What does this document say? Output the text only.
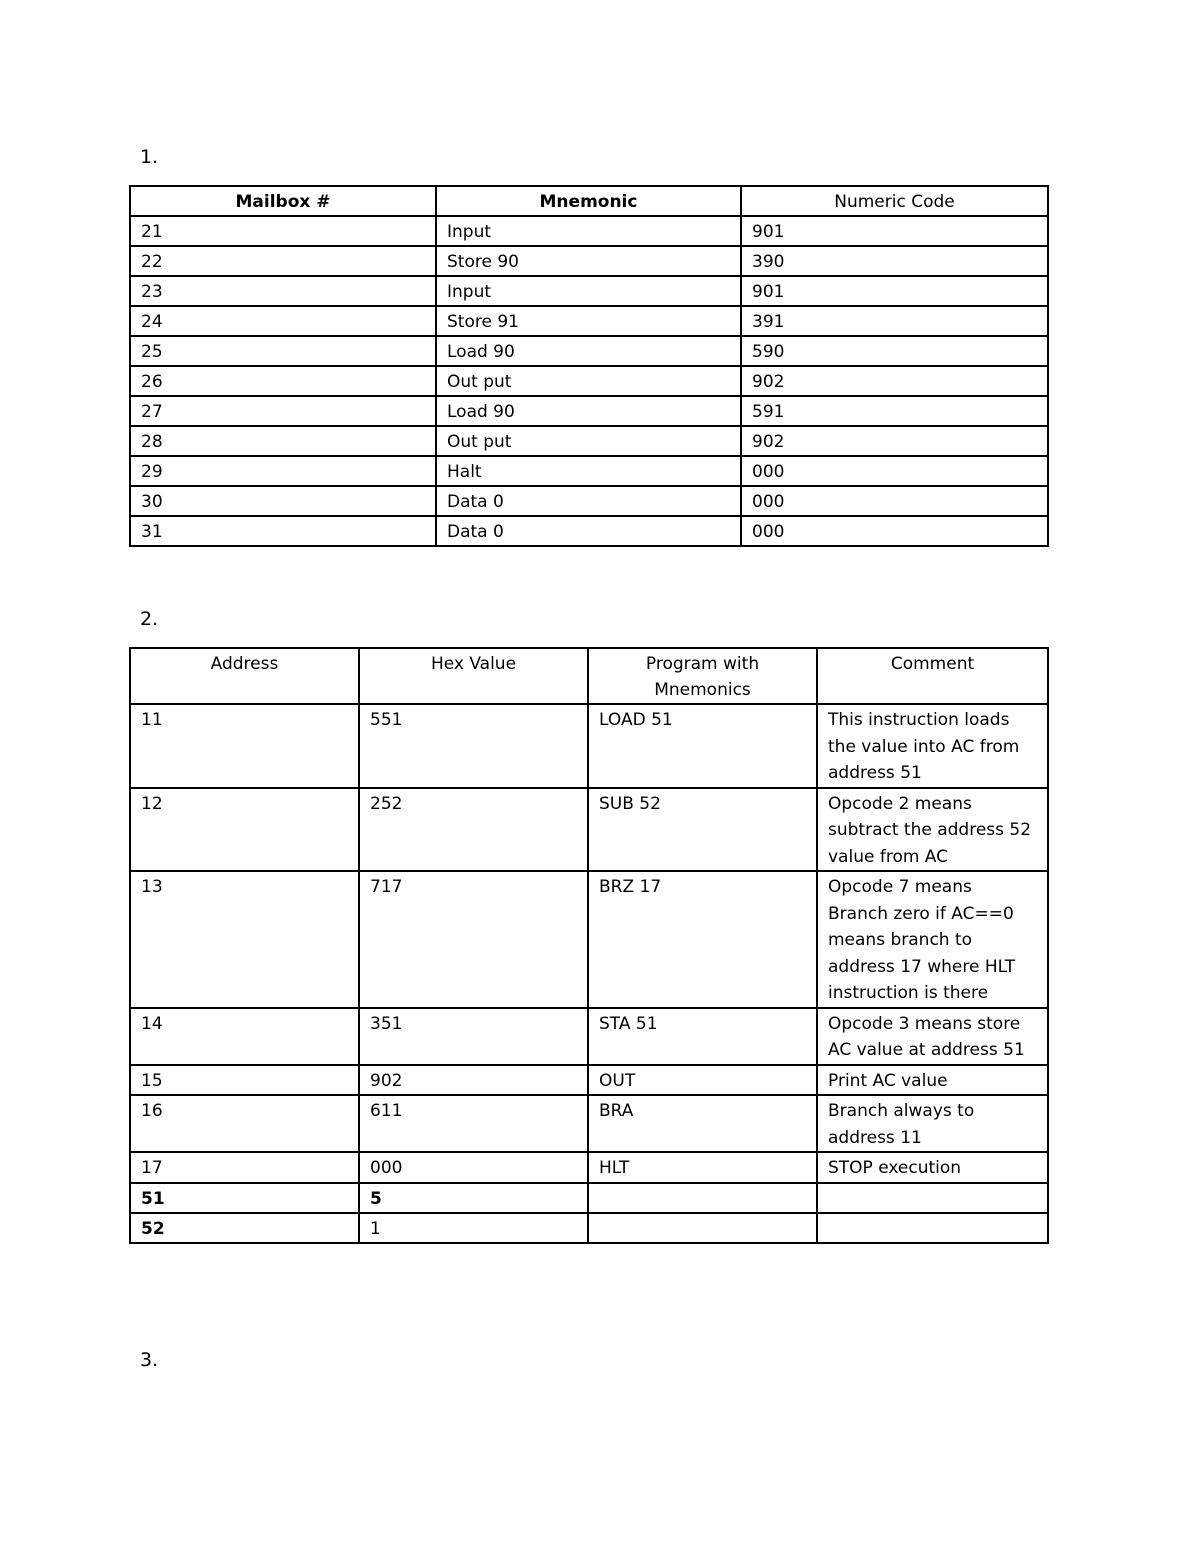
1.
Mailbox #	Mnemonic	Numeric Code
21	Input	901
22	Store 90	390
23	Input	901
24	Store 91	391
25	Load 90	590
26	Out put	902
27	Load 90	591
28	Out put	902
29	Halt	000
30	Data 0	000
31	Data 0	000
2.
Address	Hex Value	Program with Mnemonics	Comment
11	551	LOAD 51	This instruction loads the value into AC from address 51
12	252	SUB 52	Opcode 2 means subtract the address 52 value from AC
13	717	BRZ 17	Opcode 7 means Branch zero if AC==0 means branch to address 17 where HLT instruction is there
14	351	STA 51	Opcode 3 means store AC value at address 51
15	902	OUT	Print AC value
16	611	BRA	Branch always to address 11
17	000	HLT	STOP execution
51	5		
52	1		
3.
